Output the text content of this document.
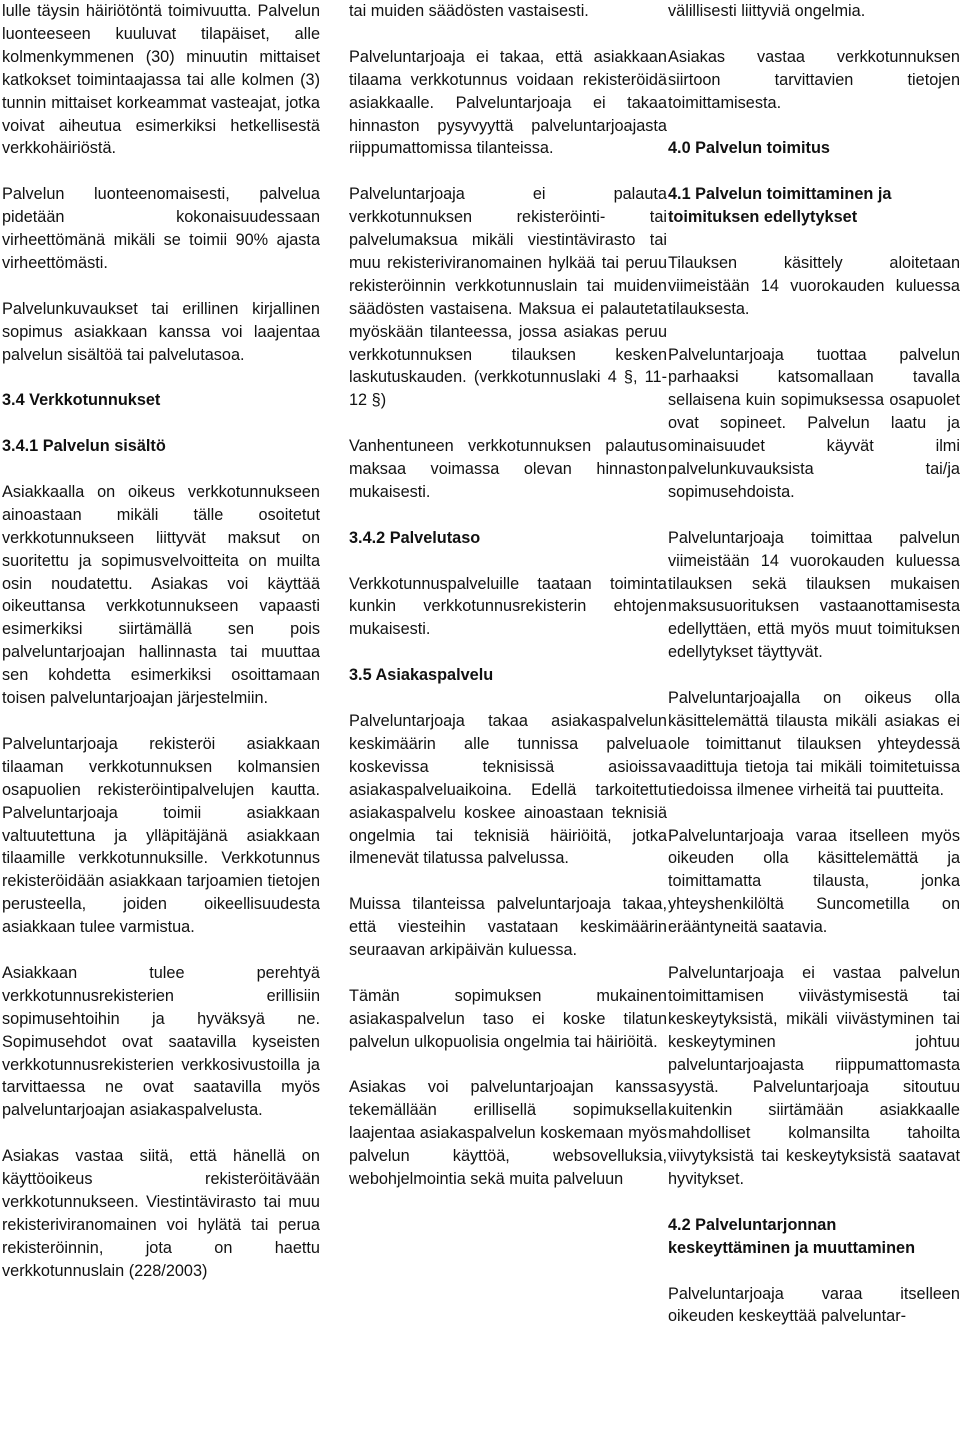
lulle täysin häiriötöntä toimivuutta. Palvelun luonteeseen kuuluvat tilapäiset, alle kolmenkymmenen (30) minuutin mittaiset katkokset toimintaajassa tai alle kolmen (3) tunnin mittaiset korkeammat vasteajat, jotka voivat aiheutua esimerkiksi hetkellisestä verkkohäiriöstä.

Palvelun luonteenomaisesti, palvelua pidetään kokonaisuudessaan virheettömänä mikäli se toimii 90% ajasta virheettömästi.

Palvelunkuvaukset tai erillinen kirjallinen sopimus asiakkaan kanssa voi laajentaa palvelun sisältöä tai palvelutasoa.

3.4 Verkkotunnukset
3.4.1 Palvelun sisältö

Asiakkaalla on oikeus verkkotunnukseen ainoastaan mikäli tälle osoitetut verkkotunnukseen liittyvät maksut on suoritettu ja sopimusvelvoitteita on muilta osin noudatettu. Asiakas voi käyttää oikeuttansa verkkotunnukseen vapaasti esimerkiksi siirtämällä sen pois palveluntarjoajan hallinnasta tai muuttaa sen kohdetta esimerkiksi osoittamaan toisen palveluntarjoajan järjestelmiin.

Palveluntarjoaja rekisteröi asiakkaan tilaaman verkkotunnuksen kolmansien osapuolien rekisteröintipalvelujen kautta. Palveluntarjoaja toimii asiakkaan valtuutettuna ja ylläpitäjänä asiakkaan tilaamille verkkotunnuksille. Verkkotunnus rekisteröidään asiakkaan tarjoamien tietojen perusteella, joiden oikeellisuudesta asiakkaan tulee varmistua.

Asiakkaan tulee perehtyä verkkotunnusrekisterien erillisiin sopimusehtoihin ja hyväksyä ne. Sopimusehdot ovat saatavilla kyseisten verkkotunnusrekisterien verkkosivustoilla ja tarvittaessa ne ovat saatavilla myös palveluntarjoajan asiakaspalvelusta.

Asiakas vastaa siitä, että hänellä on käyttöoikeus rekisteröitävään verkkotunnukseen. Viestintävirasto tai muu rekisteriviranomainen voi hylätä tai perua rekisteröinnin, jota on haettu verkkotunnuslain (228/2003)

tai muiden säädösten vastaisesti.

Palveluntarjoaja ei takaa, että asiakkaan tilaama verkkotunnus voidaan rekisteröidä asiakkaalle. Palveluntarjoaja ei takaa hinnaston pysyvyyttä palveluntarjoajasta riippumattomissa tilanteissa.

Palveluntarjoaja ei palauta verkkotunnuksen rekisteröinti- tai palvelumaksua mikäli viestintävirasto tai muu rekisteriviranomainen hylkää tai peruu rekisteröinnin verkkotunnuslain tai muiden säädösten vastaisena. Maksua ei palauteta myöskään tilanteessa, jossa asiakas peruu verkkotunnuksen tilauksen kesken laskutuskauden. (verkkotunnuslaki 4 §, 11-12 §)

Vanhentuneen verkkotunnuksen palautus maksaa voimassa olevan hinnaston mukaisesti.

3.4.2 Palvelutaso

Verkkotunnuspalveluille taataan toiminta kunkin verkkotunnusrekisterin ehtojen mukaisesti.

3.5 Asiakaspalvelu

Palveluntarjoaja takaa asiakaspalvelun keskimäärin alle tunnissa palvelua koskevissa teknisissä asioissa asiakaspalveluaikoina. Edellä tarkoitettu asiakaspalvelu koskee ainoastaan teknisiä ongelmia tai teknisiä häiriöitä, jotka ilmenevät tilatussa palvelussa.

Muissa tilanteissa palveluntarjoaja takaa, että viesteihin vastataan keskimäärin seuraavan arkipäivän kuluessa.

Tämän sopimuksen mukainen asiakaspalvelun taso ei koske tilatun palvelun ulkopuolisia ongelmia tai häiriöitä.

Asiakas voi palveluntarjoajan kanssa tekemällään erillisellä sopimuksella laajentaa asiakaspalvelun koskemaan myös palvelun käyttöä, websovelluksia, webohjelmointia sekä muita palveluun

välillisesti liittyviä ongelmia.

Asiakas vastaa verkkotunnuksen siirtoon tarvittavien tietojen toimittamisesta.

4.0 Palvelun toimitus
4.1 Palvelun toimittaminen ja toimituksen edellytykset

Tilauksen käsittely aloitetaan viimeistään 14 vuorokauden kuluessa tilauksesta.

Palveluntarjoaja tuottaa palvelun parhaaksi katsomallaan tavalla sellaisena kuin sopimuksessa osapuolet ovat sopineet. Palvelun laatu ja ominaisuudet käyvät ilmi palvelunkuvauksista tai/ja sopimusehdoista.

Palveluntarjoaja toimittaa palvelun viimeistään 14 vuorokauden kuluessa tilauksen sekä tilauksen mukaisen maksusuorituksen vastaanottamisesta edellyttäen, että myös muut toimituksen edellytykset täyttyvät.

Palveluntarjoajalla on oikeus olla käsittelemättä tilausta mikäli asiakas ei ole toimittanut tilauksen yhteydessä vaadittuja tietoja tai mikäli toimitetuissa tiedoissa ilmenee virheitä tai puutteita.

Palveluntarjoaja varaa itselleen myös oikeuden olla käsittelemättä ja toimittamatta tilausta, jonka yhteyshenkilöltä Suncometilla on erääntyneitä saatavia.

Palveluntarjoaja ei vastaa palvelun toimittamisen viivästymisestä tai keskeytyksistä, mikäli viivästyminen tai keskeytyminen johtuu palveluntarjoajasta riippumattomasta syystä. Palveluntarjoaja sitoutuu kuitenkin siirtämään asiakkaalle mahdolliset kolmansilta tahoilta viivytyksistä tai keskeytyksistä saatavat hyvitykset.

4.2 Palveluntarjonnan keskeyttäminen ja muuttaminen

Palveluntarjoaja varaa itselleen oikeuden keskeyttää palveluntar-
